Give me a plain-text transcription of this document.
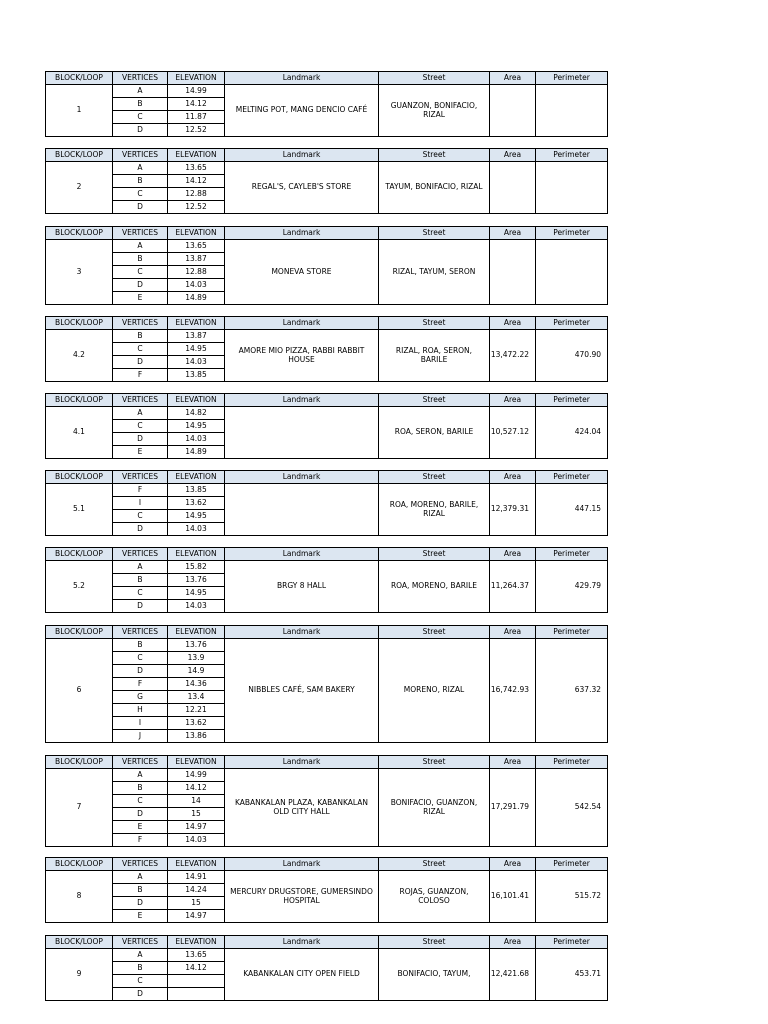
BLOCK/LOOP	VERTICES	ELEVATION	Landmark	Street	Area	Perimeter
1	A	14.99	MELTING POT, MANG DENCIO CAFÉ	GUANZON, BONIFACIO, RIZAL		
	B	14.12				
	C	11.87				
	D	12.52				
BLOCK/LOOP	VERTICES	ELEVATION	Landmark	Street	Area	Perimeter
2	A	13.65	REGAL'S, CAYLEB'S STORE	TAYUM, BONIFACIO, RIZAL		
	B	14.12				
	C	12.88				
	D	12.52				
BLOCK/LOOP	VERTICES	ELEVATION	Landmark	Street	Area	Perimeter
3	A	13.65	MONEVA STORE	RIZAL, TAYUM, SERON		
	B	13.87				
	C	12.88				
	D	14.03				
	E	14.89				
BLOCK/LOOP	VERTICES	ELEVATION	Landmark	Street	Area	Perimeter
4.2	B	13.87	AMORE MIO PIZZA, RABBI RABBIT HOUSE	RIZAL, ROA, SERON, BARILE	13,472.22	470.90
	C	14.95				
	D	14.03				
	F	13.85				
BLOCK/LOOP	VERTICES	ELEVATION	Landmark	Street	Area	Perimeter
4.1	A	14.82		ROA, SERON, BARILE	10,527.12	424.04
	C	14.95				
	D	14.03				
	E	14.89				
BLOCK/LOOP	VERTICES	ELEVATION	Landmark	Street	Area	Perimeter
5.1	F	13.85		ROA, MORENO, BARILE, RIZAL	12,379.31	447.15
	I	13.62				
	C	14.95				
	D	14.03				
BLOCK/LOOP	VERTICES	ELEVATION	Landmark	Street	Area	Perimeter
5.2	A	15.82	BRGY 8 HALL	ROA, MORENO, BARILE	11,264.37	429.79
	B	13.76				
	C	14.95				
	D	14.03				
BLOCK/LOOP	VERTICES	ELEVATION	Landmark	Street	Area	Perimeter
6	B	13.76	NIBBLES CAFÉ, SAM BAKERY	MORENO, RIZAL	16,742.93	637.32
	C	13.9				
	D	14.9				
	F	14.36				
	G	13.4				
	H	12.21				
	I	13.62				
	J	13.86				
BLOCK/LOOP	VERTICES	ELEVATION	Landmark	Street	Area	Perimeter
7	A	14.99	KABANKALAN PLAZA, KABANKALAN OLD CITY HALL	BONIFACIO, GUANZON, RIZAL	17,291.79	542.54
	B	14.12				
	C	14				
	D	15				
	E	14.97				
	F	14.03				
BLOCK/LOOP	VERTICES	ELEVATION	Landmark	Street	Area	Perimeter
8	A	14.91	MERCURY DRUGSTORE, GUMERSINDO HOSPITAL	ROJAS, GUANZON, COLOSO	16,101.41	515.72
	B	14.24				
	D	15				
	E	14.97				
BLOCK/LOOP	VERTICES	ELEVATION	Landmark	Street	Area	Perimeter
9	A	13.65	KABANKALAN CITY OPEN FIELD	BONIFACIO, TAYUM,	12,421.68	453.71
	B	14.12				
	C					
	D					
